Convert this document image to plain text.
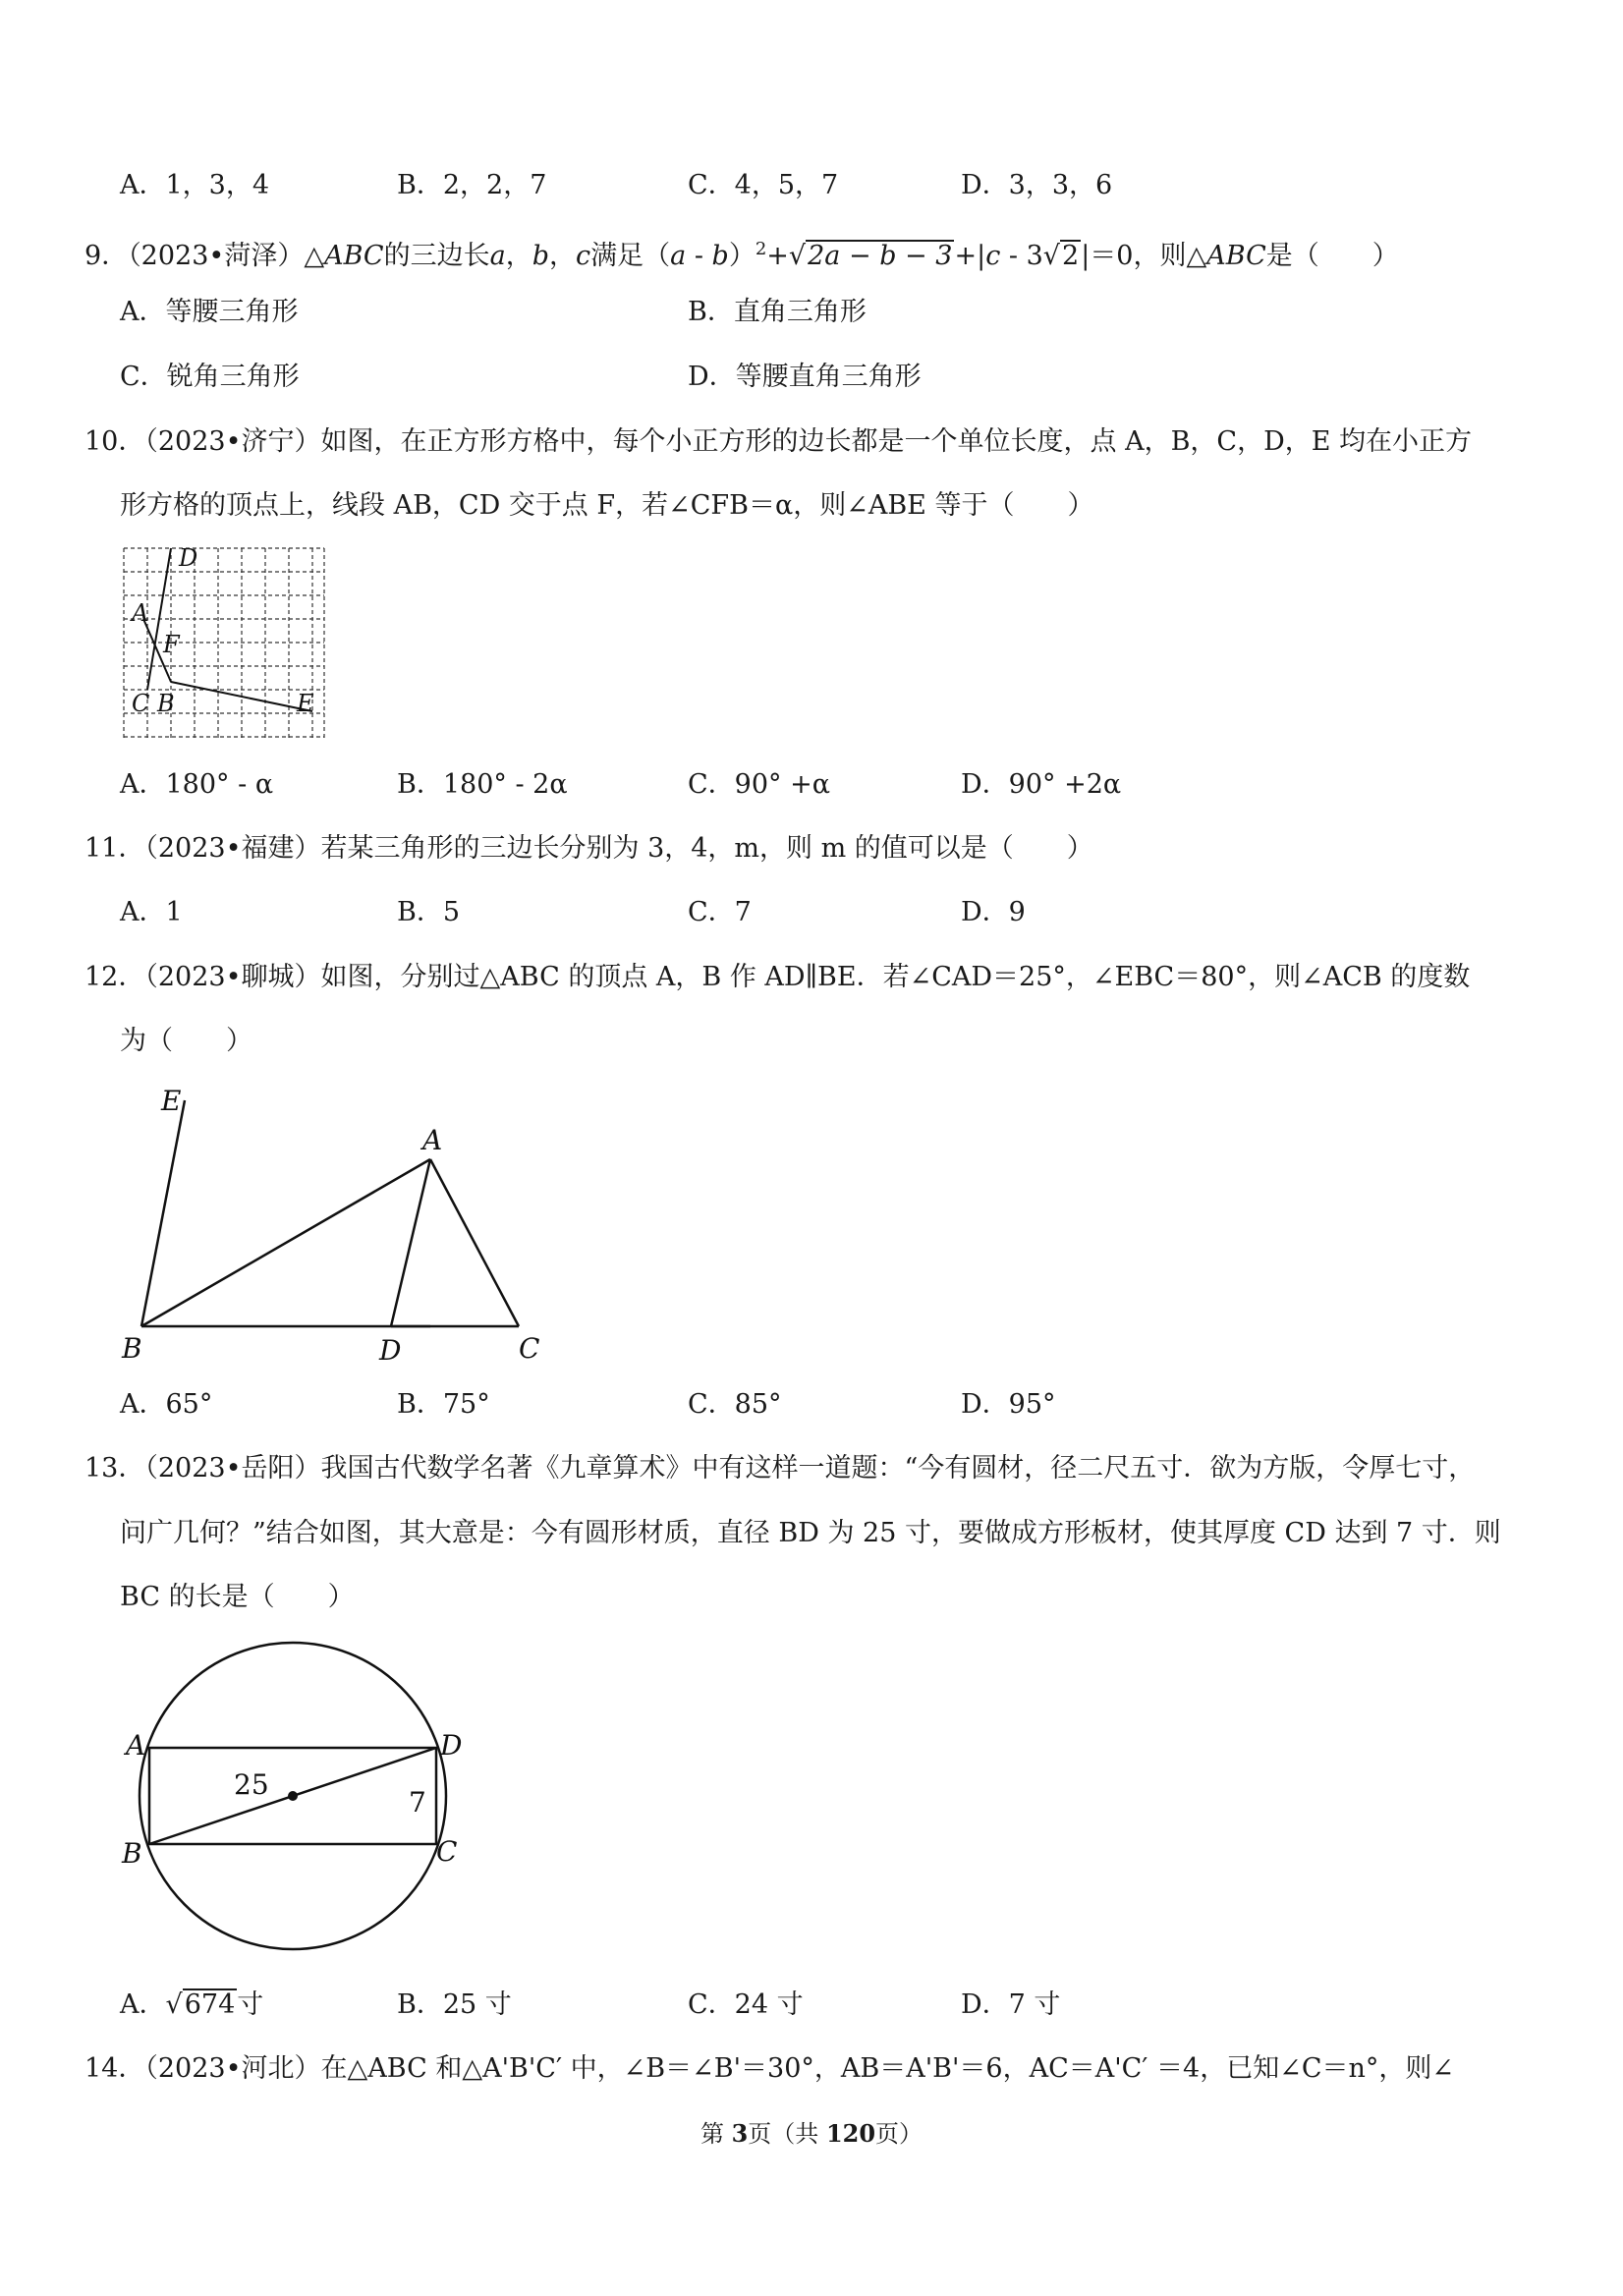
A．1，3，4	B．2，2，7	C．4，5，7	D．3，3，6
9．（2023•菏泽）△ABC的三边长a，b，c满足（a - b）$^2$+√2a − b − 3+|c - 3√2|＝0，则△ABC是（　　）
A．等腰三角形	B．直角三角形
C．锐角三角形	D．等腰直角三角形
10．（2023•济宁）如图，在正方形方格中，每个小正方形的边长都是一个单位长度，点 A，B，C，D，E 均在小正方
形方格的顶点上，线段 AB，CD 交于点 F，若∠CFB＝α，则∠ABE 等于（　　）
D
A
F
C B	E
A．180° - α	B．180° - 2α	C．90° +α	D．90° +2α
11．（2023•福建）若某三角形的三边长分别为 3，4，m，则 m 的值可以是（　　）
A．1	B．5	C．7	D．9
12．（2023•聊城）如图，分别过△ABC 的顶点 A，B 作 AD∥BE．若∠CAD＝25°，∠EBC＝80°，则∠ACB 的度数
为（　　）
E
A
B	D	C
A．65°	B．75°	C．85°	D．95°
13．（2023•岳阳）我国古代数学名著《九章算术》中有这样一道题：“今有圆材，径二尺五寸．欲为方版，令厚七寸，
问广几何？”结合如图，其大意是：今有圆形材质，直径 BD 为 25 寸，要做成方形板材，使其厚度 CD 达到 7 寸．则
BC 的长是（　　）
A	D
B	C
25
7
A．√674寸	B．25 寸	C．24 寸	D．7 寸
14．（2023•河北）在△ABC 和△A'B'C′ 中，∠B＝∠B'＝30°，AB＝A'B'＝6，AC＝A'C′ ＝4，已知∠C＝n°，则∠
第 3页（共 120页）
